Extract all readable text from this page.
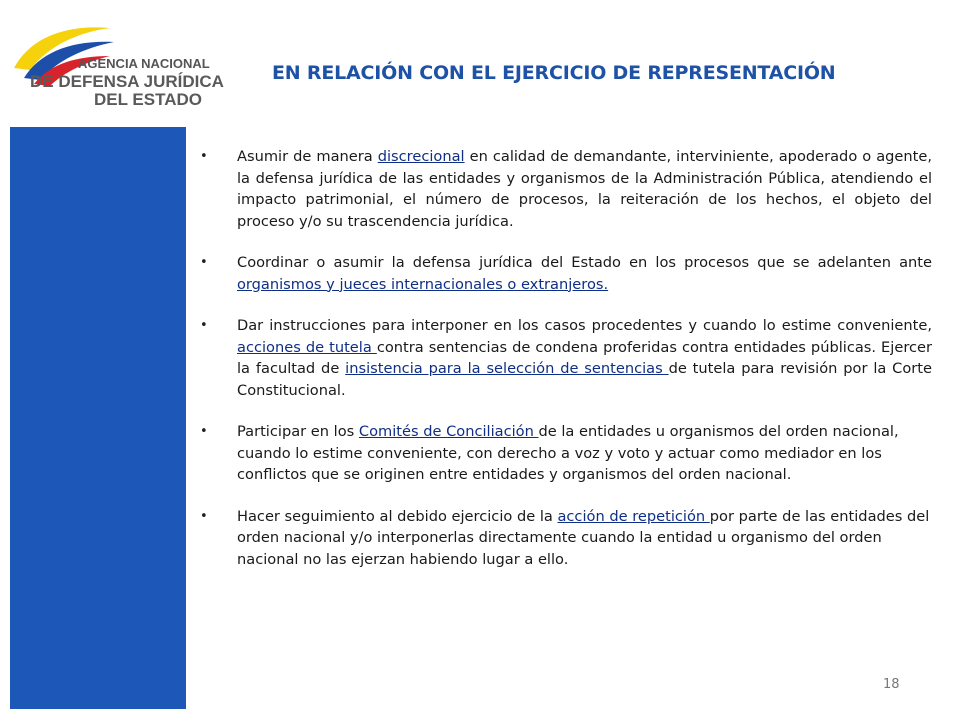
AGENCIA NACIONAL
DE DEFENSA JURÍDICA
DEL ESTADO
EN RELACIÓN CON EL EJERCICIO DE REPRESENTACIÓN
• Asumir de manera discrecional en calidad de demandante, interviniente, apoderado o agente, la defensa jurídica de las entidades y organismos de la Administración Pública, atendiendo el impacto patrimonial, el número de procesos, la reiteración de los hechos, el objeto del proceso y/o su trascendencia jurídica.
• Coordinar o asumir la defensa jurídica del Estado en los procesos que se adelanten ante organismos y jueces internacionales o extranjeros.
• Dar instrucciones para interponer en los casos procedentes y cuando lo estime conveniente, acciones de tutela contra sentencias de condena proferidas contra entidades públicas. Ejercer la facultad de insistencia para la selección de sentencias de tutela para revisión por la Corte Constitucional.
• Participar en los Comités de Conciliación de la entidades u organismos del orden nacional, cuando lo estime conveniente, con derecho a voz y voto y actuar como mediador en los conflictos que se originen entre entidades y organismos del orden nacional.
• Hacer seguimiento al debido ejercicio de la acción de repetición por parte de las entidades del orden nacional y/o interponerlas directamente cuando la entidad u organismo del orden nacional no las ejerzan habiendo lugar a ello.
18
